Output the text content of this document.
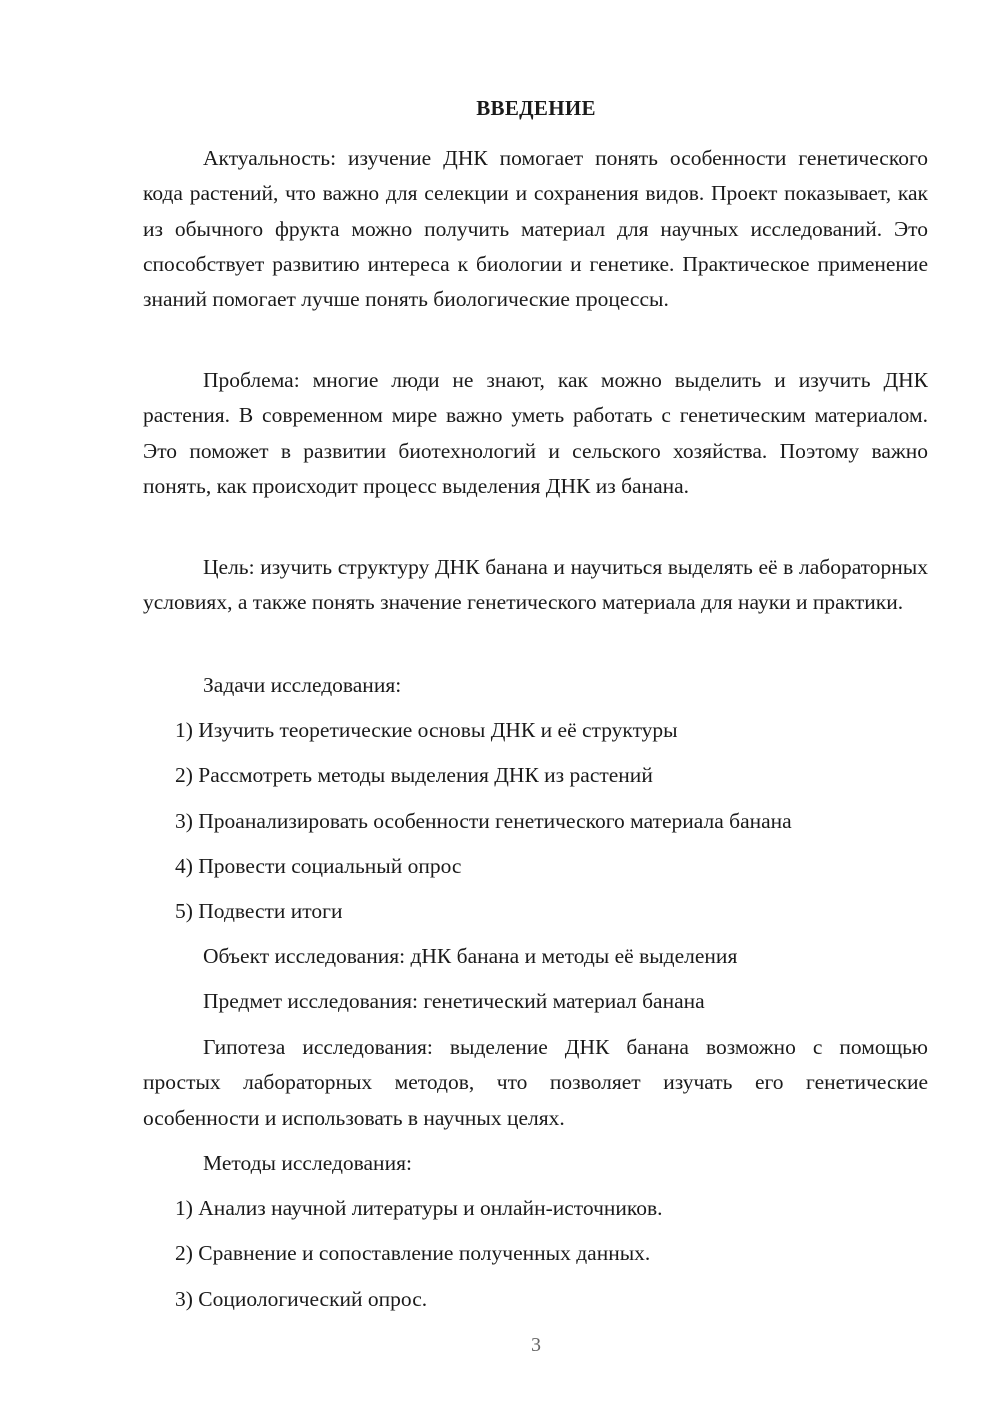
ВВЕДЕНИЕ

Актуальность: изучение ДНК помогает понять особенности генетического кода растений, что важно для селекции и сохранения видов. Проект показывает, как из обычного фрукта можно получить материал для научных исследований. Это способствует развитию интереса к биологии и генетике. Практическое применение знаний помогает лучше понять биологические процессы.

Проблема: многие люди не знают, как можно выделить и изучить ДНК растения. В современном мире важно уметь работать с генетическим материалом. Это поможет в развитии биотехнологий и сельского хозяйства. Поэтому важно понять, как происходит процесс выделения ДНК из банана.

Цель: изучить структуру ДНК банана и научиться выделять её в лабораторных условиях, а также понять значение генетического материала для науки и практики.

Задачи исследования:

1) Изучить теоретические основы ДНК и её структуры

2) Рассмотреть методы выделения ДНК из растений

3) Проанализировать особенности генетического материала банана

4) Провести социальный опрос

5) Подвести итоги

Объект исследования: дНК банана и методы её выделения

Предмет исследования: генетический материал банана

Гипотеза исследования: выделение ДНК банана возможно с помощью простых лабораторных методов, что позволяет изучать его генетические особенности и использовать в научных целях.

Методы исследования:

1) Анализ научной литературы и онлайн-источников.

2) Сравнение и сопоставление полученных данных.

3) Социологический опрос.

3
